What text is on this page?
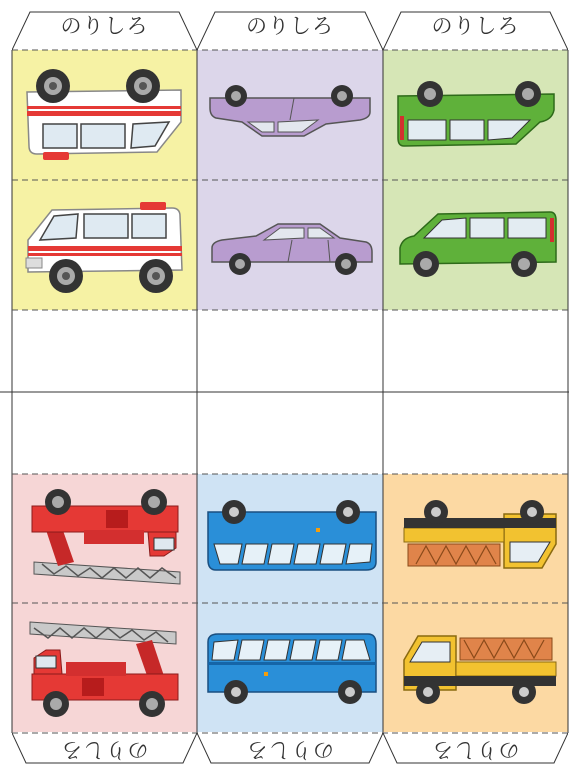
のりしろ	のりしろ	のりしろ
のりしろ	のりしろ	のりしろ
